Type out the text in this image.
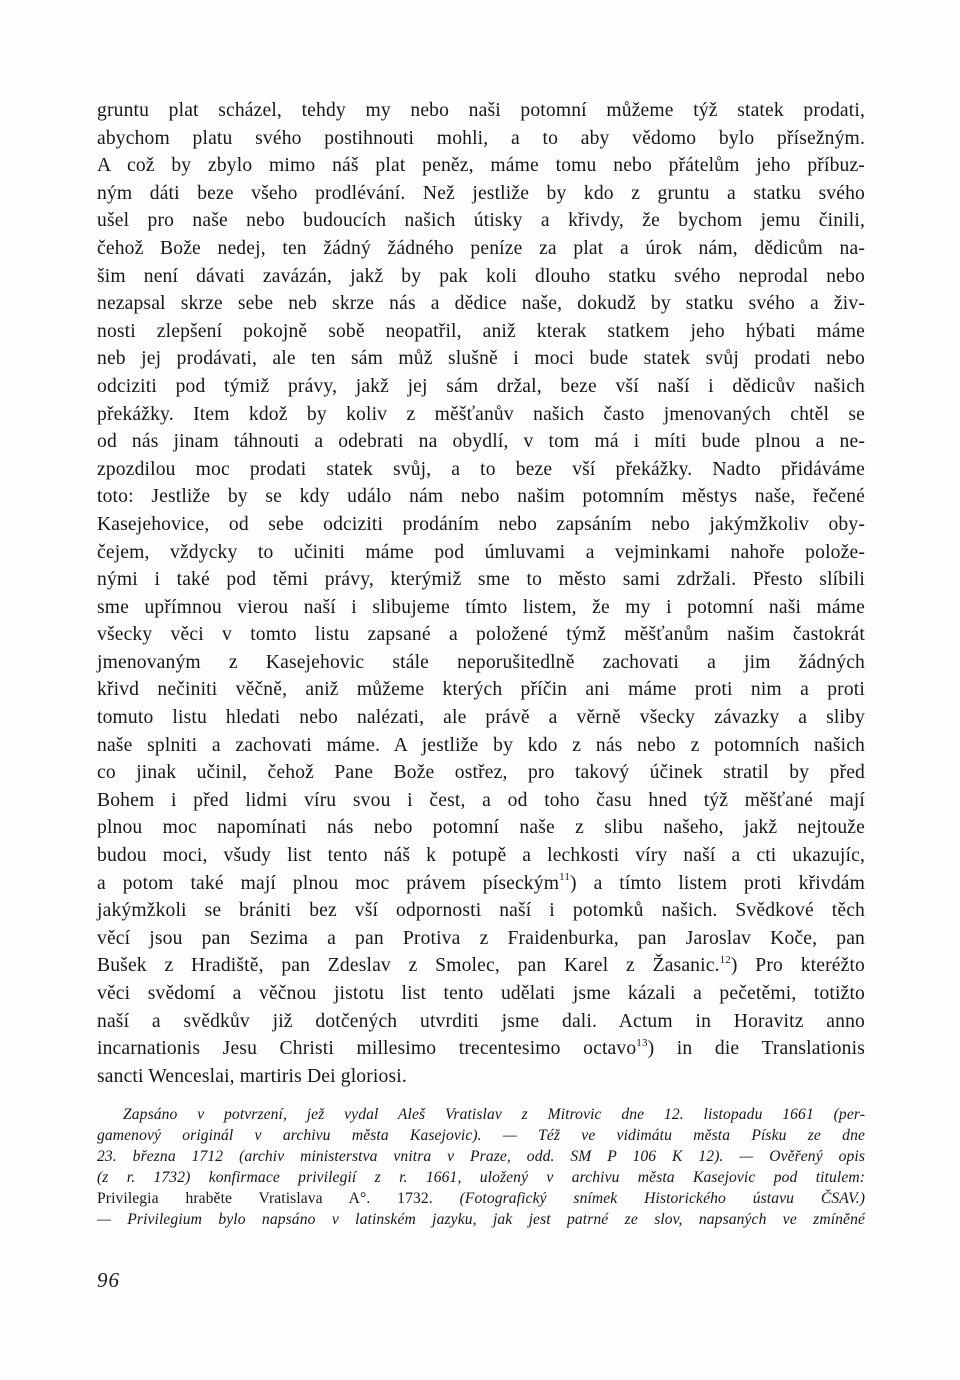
gruntu plat scházel, tehdy my nebo naši potomní můžeme týž statek prodati,
abychom platu svého postihnouti mohli, a to aby vědomo bylo přísežným.
A což by zbylo mimo náš plat peněz, máme tomu nebo přátelům jeho příbuz-
ným dáti beze všeho prodlévání. Než jestliže by kdo z gruntu a statku svého
ušel pro naše nebo budoucích našich útisky a křivdy, že bychom jemu činili,
čehož Bože nedej, ten žádný žádného peníze za plat a úrok nám, dědicům na-
šim není dávati zavázán, jakž by pak koli dlouho statku svého neprodal nebo
nezapsal skrze sebe neb skrze nás a dědice naše, dokudž by statku svého a živ-
nosti zlepšení pokojně sobě neopatřil, aniž kterak statkem jeho hýbati máme
neb jej prodávati, ale ten sám můž slušně i moci bude statek svůj prodati nebo
odciziti pod týmiž právy, jakž jej sám držal, beze vší naší i dědicův našich
překážky. Item kdož by koliv z měšťanův našich často jmenovaných chtěl se
od nás jinam táhnouti a odebrati na obydlí, v tom má i míti bude plnou a ne-
zpozdilou moc prodati statek svůj, a to beze vší překážky. Nadto přidáváme
toto: Jestliže by se kdy událo nám nebo našim potomním městys naše, řečené
Kasejehovice, od sebe odciziti prodáním nebo zapsáním nebo jakýmžkoliv oby-
čejem, vždycky to učiniti máme pod úmluvami a vejminkami nahoře polože-
nými i také pod těmi právy, kterýmiž sme to město sami zdržali. Přesto slíbili
sme upřímnou vierou naší i slibujeme tímto listem, že my i potomní naši máme
všecky věci v tomto listu zapsané a položené týmž měšťanům našim častokrát
jmenovaným z Kasejehovic stále neporušitedlně zachovati a jim žádných
křivd nečiniti věčně, aniž můžeme kterých příčin ani máme proti nim a proti
tomuto listu hledati nebo nalézati, ale právě a věrně všecky závazky a sliby
naše splniti a zachovati máme. A jestliže by kdo z nás nebo z potomních našich
co jinak učinil, čehož Pane Bože ostřez, pro takový účinek stratil by před
Bohem i před lidmi víru svou i čest, a od toho času hned týž měšťané mají
plnou moc napomínati nás nebo potomní naše z slibu našeho, jakž nejtouže
budou moci, všudy list tento náš k potupě a lechkosti víry naší a cti ukazujíc,
a potom také mají plnou moc právem píseckým$^{11}$) a tímto listem proti křivdám
jakýmžkoli se brániti bez vší odpornosti naší i potomků našich. Svědkové těch
věcí jsou pan Sezima a pan Protiva z Fraidenburka, pan Jaroslav Koče, pan
Bušek z Hradiště, pan Zdeslav z Smolec, pan Karel z Žasanic.$^{12}$) Pro kteréžto
věci svědomí a věčnou jistotu list tento udělati jsme kázali a pečetěmi, totižto
naší a svědkův již dotčených utvrditi jsme dali. Actum in Horavitz anno
incarnationis Jesu Christi millesimo trecentesimo octavo$^{13}$) in die Translationis
sancti Wenceslai, martiris Dei gloriosi.
Zapsáno v potvrzení, jež vydal Aleš Vratislav z Mitrovic dne 12. listopadu 1661 (per-
gamenový originál v archivu města Kasejovic). — Též ve vidimátu města Písku ze dne
23. března 1712 (archiv ministerstva vnitra v Praze, odd. SM P 106 K 12). — Ověřený opis
(z r. 1732) konfirmace privilegií z r. 1661, uložený v archivu města Kasejovic pod titulem:
Privilegia hraběte Vratislava A°. 1732. (Fotografický snímek Historického ústavu ČSAV.)
— Privilegium bylo napsáno v latinském jazyku, jak jest patrné ze slov, napsaných ve zmíněné
96
